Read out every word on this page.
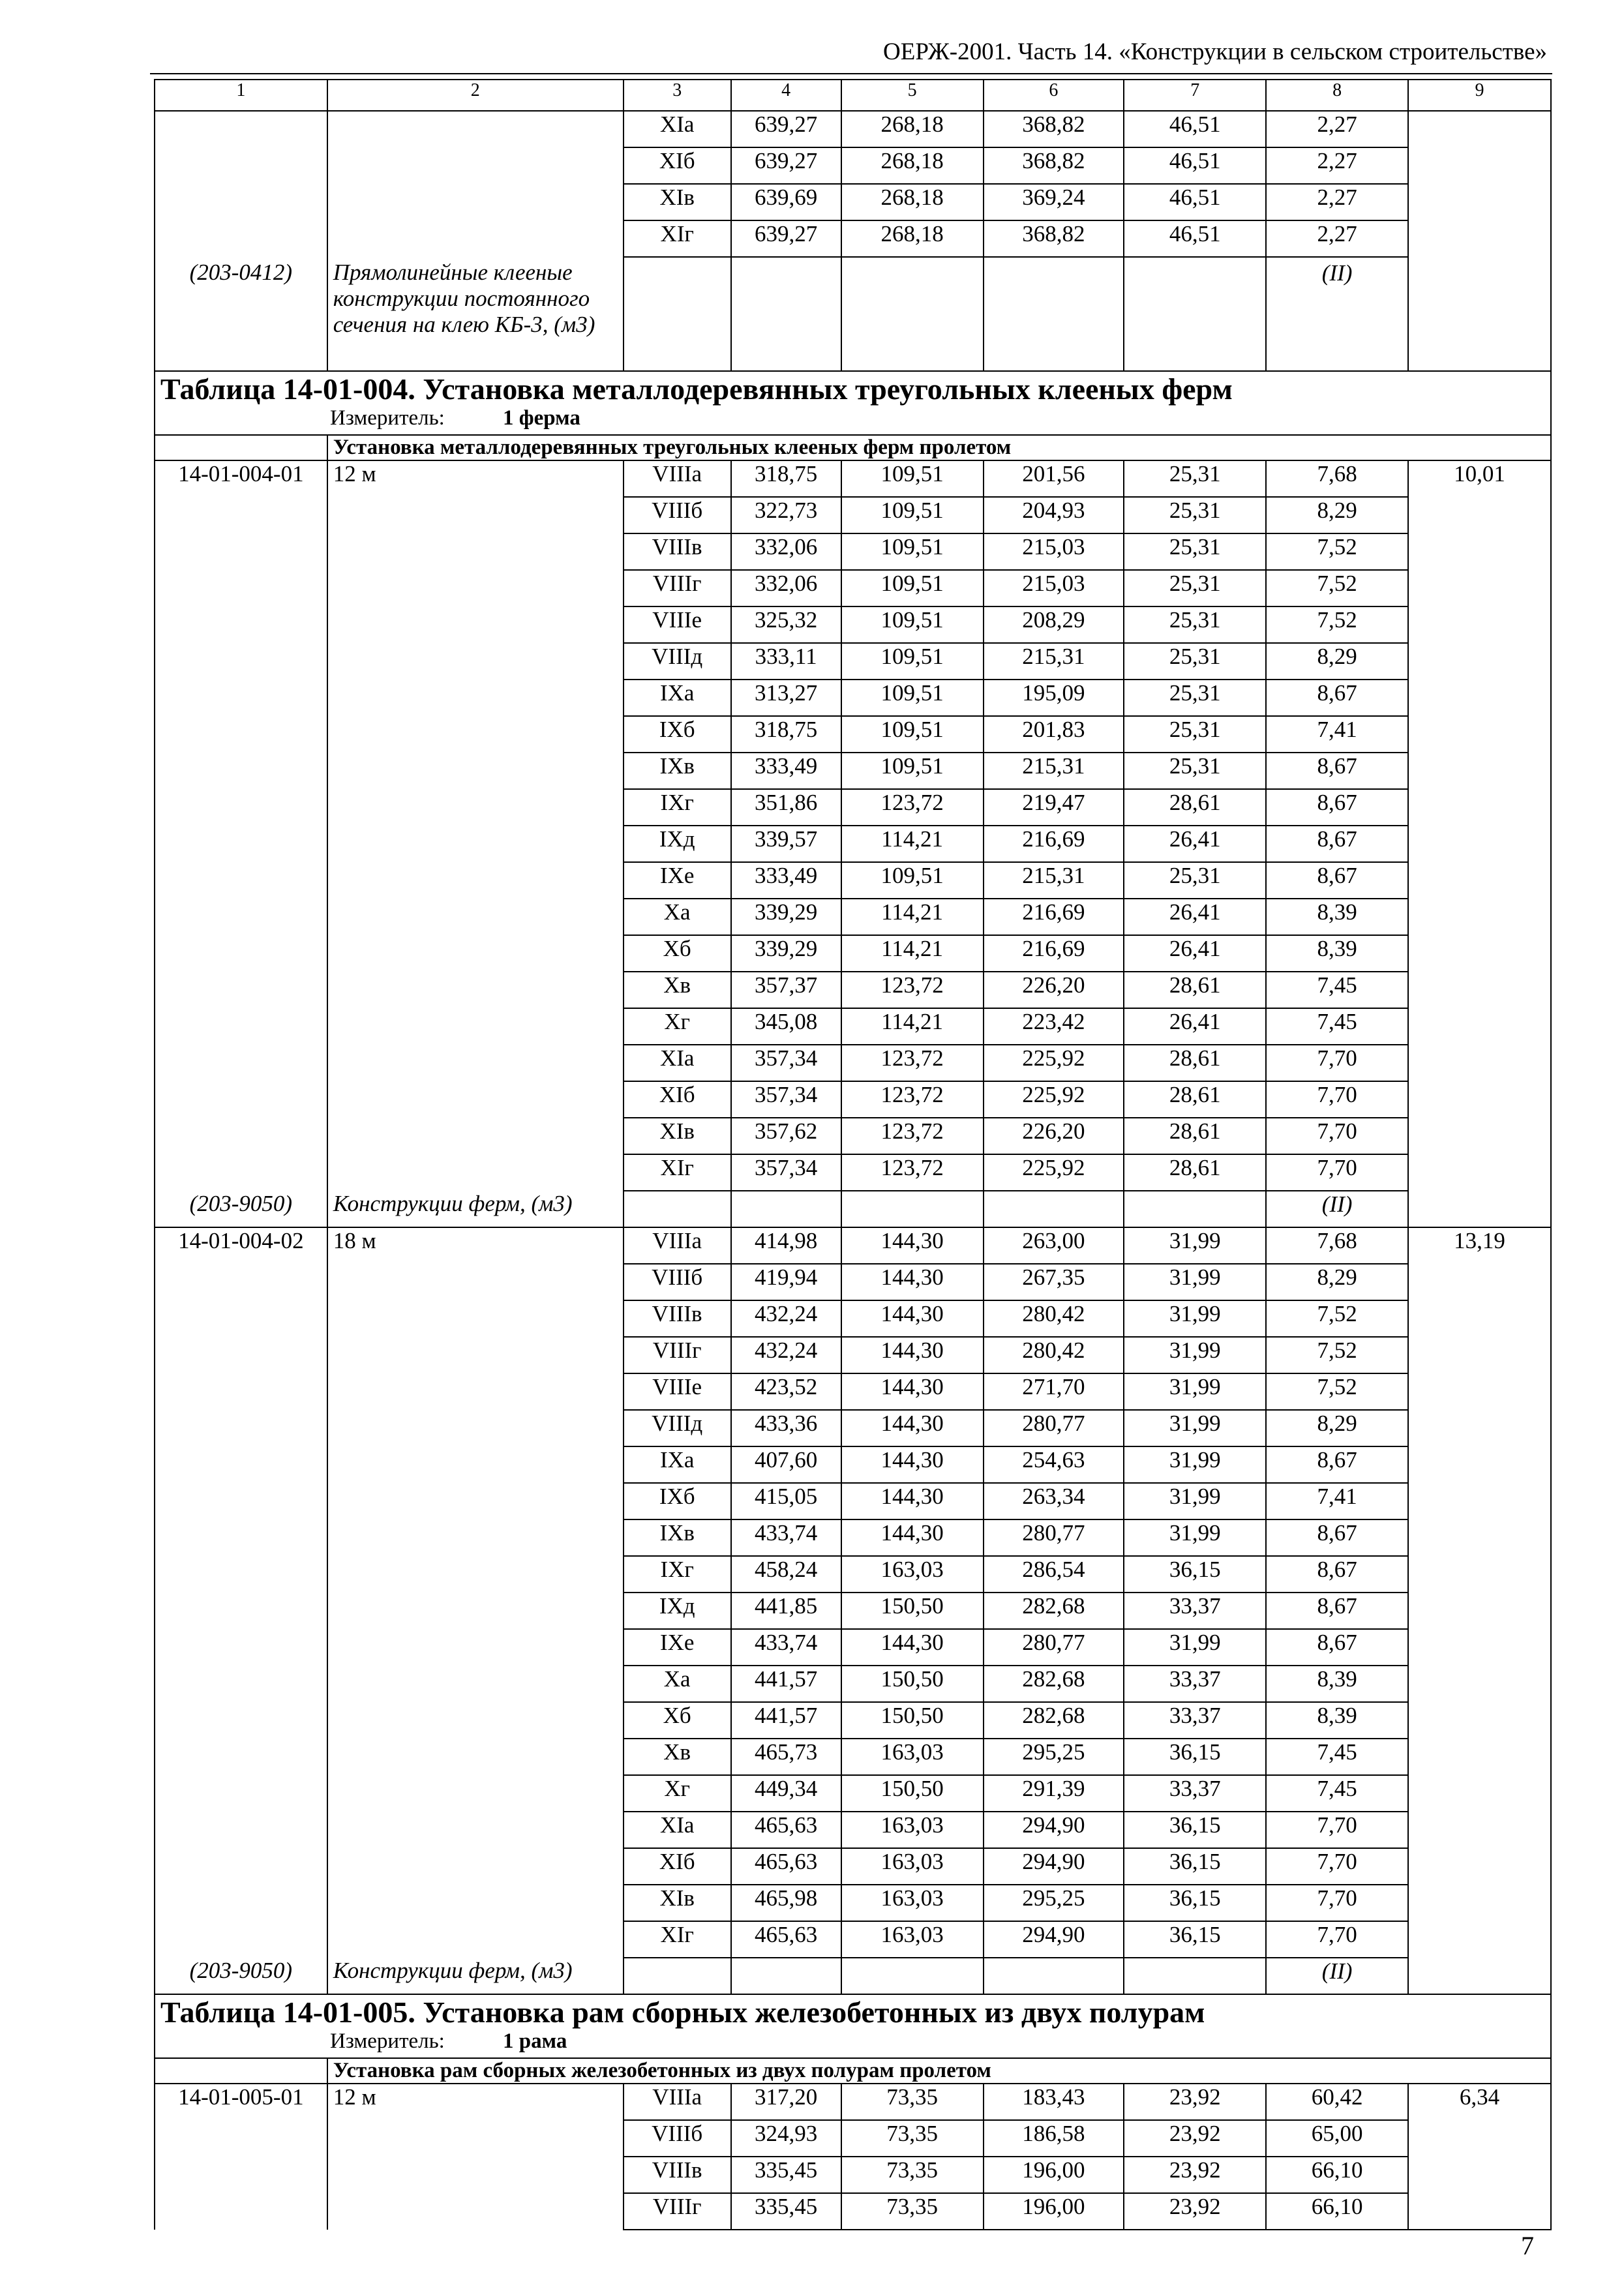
ОЕРЖ-2001. Часть 14. «Конструкции в сельском строительстве»
1	2	3	4	5	6	7	8	9
		XIа	639,27	268,18	368,82	46,51	2,27	
		XIб	639,27	268,18	368,82	46,51	2,27	
		XIв	639,69	268,18	369,24	46,51	2,27	
		XIг	639,27	268,18	368,82	46,51	2,27	
(203-0412)	Прямолинейные клееные конструкции постоянного сечения на клею КБ-3, (м3)						(II)	
Таблица 14-01-004. Установка металлодеревянных треугольных клееных ферм								
Измеритель: 1 ферма								
	Установка металлодеревянных треугольных клееных ферм пролетом							
14-01-004-01	12 м	VIIIа	318,75	109,51	201,56	25,31	7,68	10,01
		VIIIб	322,73	109,51	204,93	25,31	8,29	
		VIIIв	332,06	109,51	215,03	25,31	7,52	
		VIIIг	332,06	109,51	215,03	25,31	7,52	
		VIIIе	325,32	109,51	208,29	25,31	7,52	
		VIIIд	333,11	109,51	215,31	25,31	8,29	
		IXа	313,27	109,51	195,09	25,31	8,67	
		IXб	318,75	109,51	201,83	25,31	7,41	
		IXв	333,49	109,51	215,31	25,31	8,67	
		IXг	351,86	123,72	219,47	28,61	8,67	
		IXд	339,57	114,21	216,69	26,41	8,67	
		IXе	333,49	109,51	215,31	25,31	8,67	
		Xа	339,29	114,21	216,69	26,41	8,39	
		Xб	339,29	114,21	216,69	26,41	8,39	
		Xв	357,37	123,72	226,20	28,61	7,45	
		Xг	345,08	114,21	223,42	26,41	7,45	
		XIа	357,34	123,72	225,92	28,61	7,70	
		XIб	357,34	123,72	225,92	28,61	7,70	
		XIв	357,62	123,72	226,20	28,61	7,70	
		XIг	357,34	123,72	225,92	28,61	7,70	
(203-9050)	Конструкции ферм, (м3)						(II)	
14-01-004-02	18 м	VIIIа	414,98	144,30	263,00	31,99	7,68	13,19
		VIIIб	419,94	144,30	267,35	31,99	8,29	
		VIIIв	432,24	144,30	280,42	31,99	7,52	
		VIIIг	432,24	144,30	280,42	31,99	7,52	
		VIIIе	423,52	144,30	271,70	31,99	7,52	
		VIIIд	433,36	144,30	280,77	31,99	8,29	
		IXа	407,60	144,30	254,63	31,99	8,67	
		IXб	415,05	144,30	263,34	31,99	7,41	
		IXв	433,74	144,30	280,77	31,99	8,67	
		IXг	458,24	163,03	286,54	36,15	8,67	
		IXд	441,85	150,50	282,68	33,37	8,67	
		IXе	433,74	144,30	280,77	31,99	8,67	
		Xа	441,57	150,50	282,68	33,37	8,39	
		Xб	441,57	150,50	282,68	33,37	8,39	
		Xв	465,73	163,03	295,25	36,15	7,45	
		Xг	449,34	150,50	291,39	33,37	7,45	
		XIа	465,63	163,03	294,90	36,15	7,70	
		XIб	465,63	163,03	294,90	36,15	7,70	
		XIв	465,98	163,03	295,25	36,15	7,70	
		XIг	465,63	163,03	294,90	36,15	7,70	
(203-9050)	Конструкции ферм, (м3)						(II)	
Таблица 14-01-005. Установка рам сборных железобетонных из двух полурам								
Измеритель: 1 рама								
	Установка рам сборных железобетонных из двух полурам пролетом							
14-01-005-01	12 м	VIIIа	317,20	73,35	183,43	23,92	60,42	6,34
		VIIIб	324,93	73,35	186,58	23,92	65,00	
		VIIIв	335,45	73,35	196,00	23,92	66,10	
		VIIIг	335,45	73,35	196,00	23,92	66,10	
7
